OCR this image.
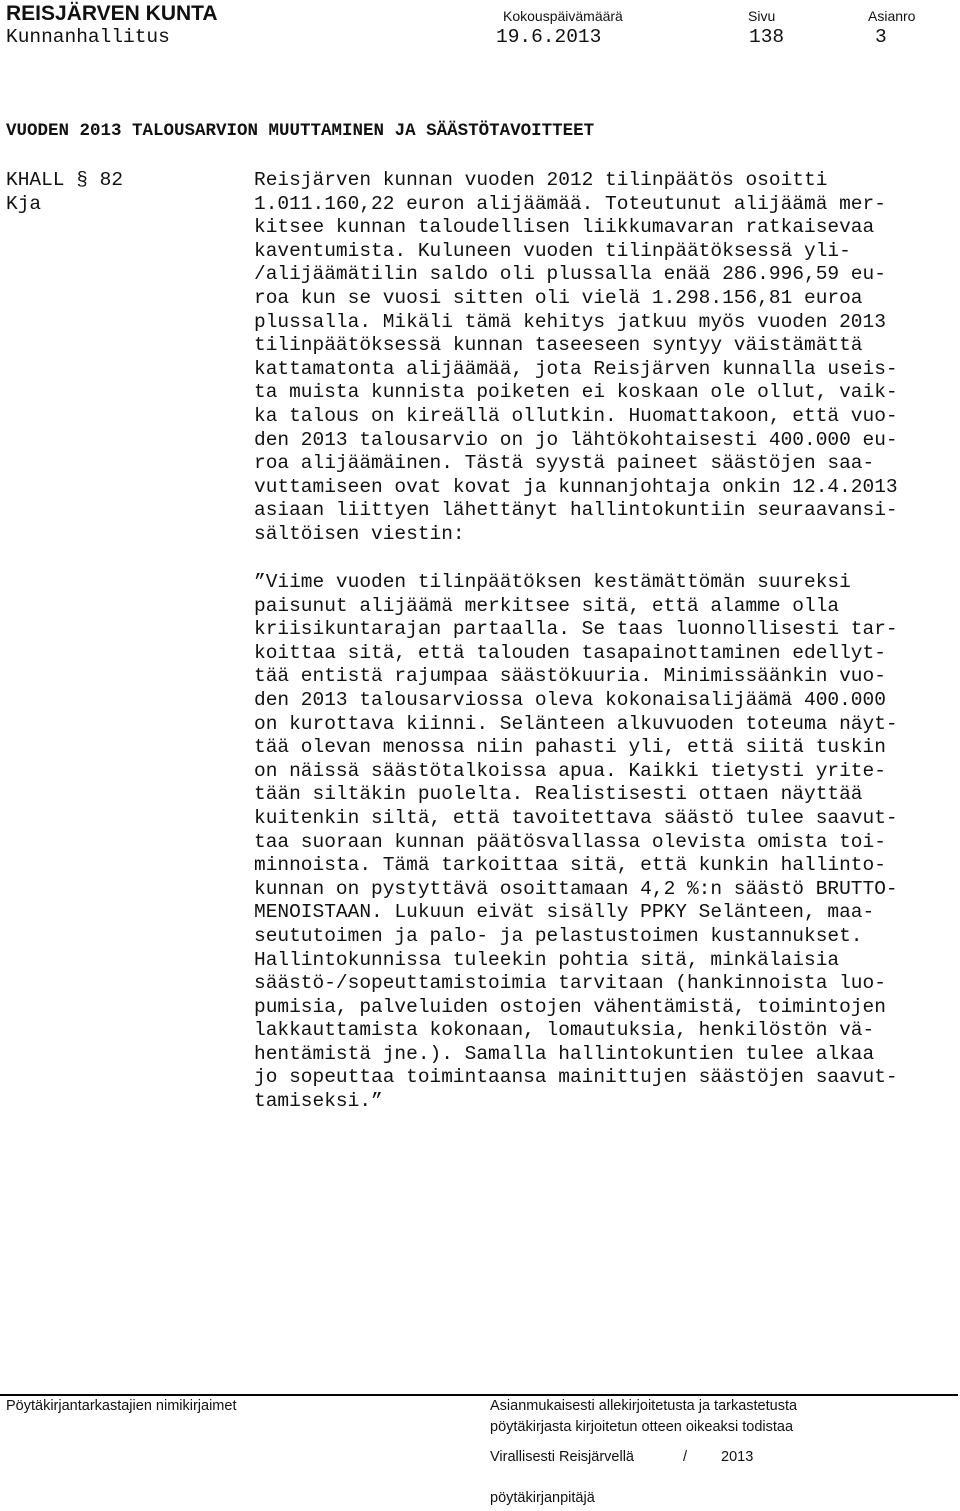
REISJÄRVEN KUNTA
Kunnanhallitus
Kokouspäivämäärä
19.6.2013
Sivu
138
Asianro
3
VUODEN 2013 TALOUSARVION MUUTTAMINEN JA SÄÄSTÖTAVOITTEET
KHALL § 82
Kja
Reisjärven kunnan vuoden 2012 tilinpäätös osoitti
1.011.160,22 euron alijäämää. Toteutunut alijäämä mer-
kitsee kunnan taloudellisen liikkumavaran ratkaisevaa
kaventumista. Kuluneen vuoden tilinpäätöksessä yli-
/alijäämätilin saldo oli plussalla enää 286.996,59 eu-
roa kun se vuosi sitten oli vielä 1.298.156,81 euroa
plussalla. Mikäli tämä kehitys jatkuu myös vuoden 2013
tilinpäätöksessä kunnan taseeseen syntyy väistämättä
kattamatonta alijäämää, jota Reisjärven kunnalla useis-
ta muista kunnista poiketen ei koskaan ole ollut, vaik-
ka talous on kireällä ollutkin. Huomattakoon, että vuo-
den 2013 talousarvio on jo lähtökohtaisesti 400.000 eu-
roa alijäämäinen. Tästä syystä paineet säästöjen saa-
vuttamiseen ovat kovat ja kunnanjohtaja onkin 12.4.2013
asiaan liittyen lähettänyt hallintokuntiin seuraavansi-
sältöisen viestin:
”Viime vuoden tilinpäätöksen kestämättömän suureksi
paisunut alijäämä merkitsee sitä, että alamme olla
kriisikuntarajan partaalla. Se taas luonnollisesti tar-
koittaa sitä, että talouden tasapainottaminen edellyt-
tää entistä rajumpaa säästökuuria. Minimissäänkin vuo-
den 2013 talousarviossa oleva kokonaisalijäämä 400.000
on kurottava kiinni. Selänteen alkuvuoden toteuma näyt-
tää olevan menossa niin pahasti yli, että siitä tuskin
on näissä säästötalkoissa apua. Kaikki tietysti yrite-
tään siltäkin puolelta. Realistisesti ottaen näyttää
kuitenkin siltä, että tavoitettava säästö tulee saavut-
taa suoraan kunnan päätösvallassa olevista omista toi-
minnoista. Tämä tarkoittaa sitä, että kunkin hallinto-
kunnan on pystyttävä osoittamaan 4,2 %:n säästö BRUTTO-
MENOISTAAN. Lukuun eivät sisälly PPKY Selänteen, maa-
seututoimen ja palo- ja pelastustoimen kustannukset.
Hallintokunnissa tuleekin pohtia sitä, minkälaisia
säästö-/sopeuttamistoimia tarvitaan (hankinnoista luo-
pumisia, palveluiden ostojen vähentämistä, toimintojen
lakkauttamista kokonaan, lomautuksia, henkilöstön vä-
hentämistä jne.). Samalla hallintokuntien tulee alkaa
jo sopeuttaa toimintaansa mainittujen säästöjen saavut-
tamiseksi.”
Pöytäkirjantarkastajien nimikirjaimet	Asianmukaisesti allekirjoitetusta ja tarkastetusta
pöytäkirjasta kirjoitetun otteen oikeaksi todistaa
Virallisesti Reisjärvellä	/ 2013
pöytäkirjanpitäjä
